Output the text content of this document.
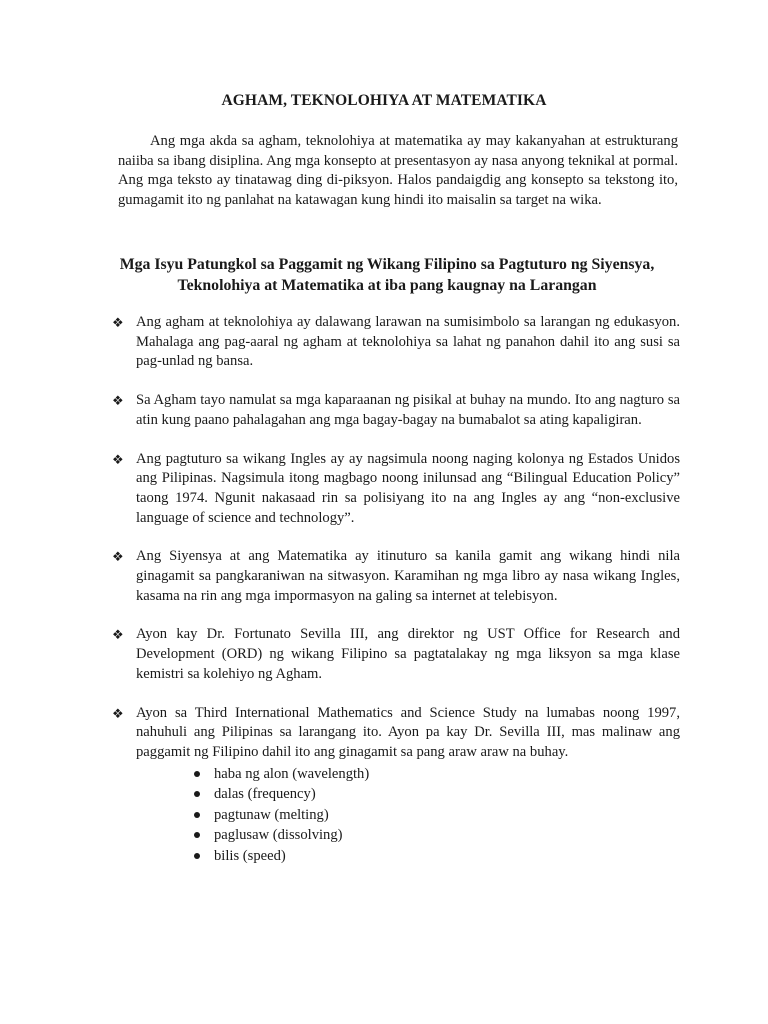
AGHAM, TEKNOLOHIYA AT MATEMATIKA

Ang mga akda sa agham, teknolohiya at matematika ay may kakanyahan at estrukturang naiiba sa ibang disiplina. Ang mga konsepto at presentasyon ay nasa anyong teknikal at pormal. Ang mga teksto ay tinatawag ding di-piksyon. Halos pandaigdig ang konsepto sa tekstong ito, gumagamit ito ng panlahat na katawagan kung hindi ito maisalin sa target na wika.

Mga Isyu Patungkol sa Paggamit ng Wikang Filipino sa Pagtuturo ng Siyensya, Teknolohiya at Matematika at iba pang kaugnay na Larangan
❖ Ang agham at teknolohiya ay dalawang larawan na sumisimbolo sa larangan ng edukasyon. Mahalaga ang pag-aaral ng agham at teknolohiya sa lahat ng panahon dahil ito ang susi sa pag-unlad ng bansa.
❖ Sa Agham tayo namulat sa mga kaparaanan ng pisikal at buhay na mundo. Ito ang nagturo sa atin kung paano pahalagahan ang mga bagay-bagay na bumabalot sa ating kapaligiran.
❖ Ang pagtuturo sa wikang Ingles ay ay nagsimula noong naging kolonya ng Estados Unidos ang Pilipinas. Nagsimula itong magbago noong inilunsad ang “Bilingual Education Policy” taong 1974. Ngunit nakasaad rin sa polisiyang ito na ang Ingles ay ang “non-exclusive language of science and technology”.
❖ Ang Siyensya at ang Matematika ay itinuturo sa kanila gamit ang wikang hindi nila ginagamit sa pangkaraniwan na sitwasyon. Karamihan ng mga libro ay nasa wikang Ingles, kasama na rin ang mga impormasyon na galing sa internet at telebisyon.
❖ Ayon kay Dr. Fortunato Sevilla III, ang direktor ng UST Office for Research and Development (ORD) ng wikang Filipino sa pagtatalakay ng mga liksyon sa mga klase kemistri sa kolehiyo ng Agham.
❖ Ayon sa Third International Mathematics and Science Study na lumabas noong 1997, nahuhuli ang Pilipinas sa larangang ito. Ayon pa kay Dr. Sevilla III, mas malinaw ang paggamit ng Filipino dahil ito ang ginagamit sa pang araw araw na buhay.
haba ng alon (wavelength)
dalas (frequency)
pagtunaw (melting)
paglusaw (dissolving)
bilis (speed)
